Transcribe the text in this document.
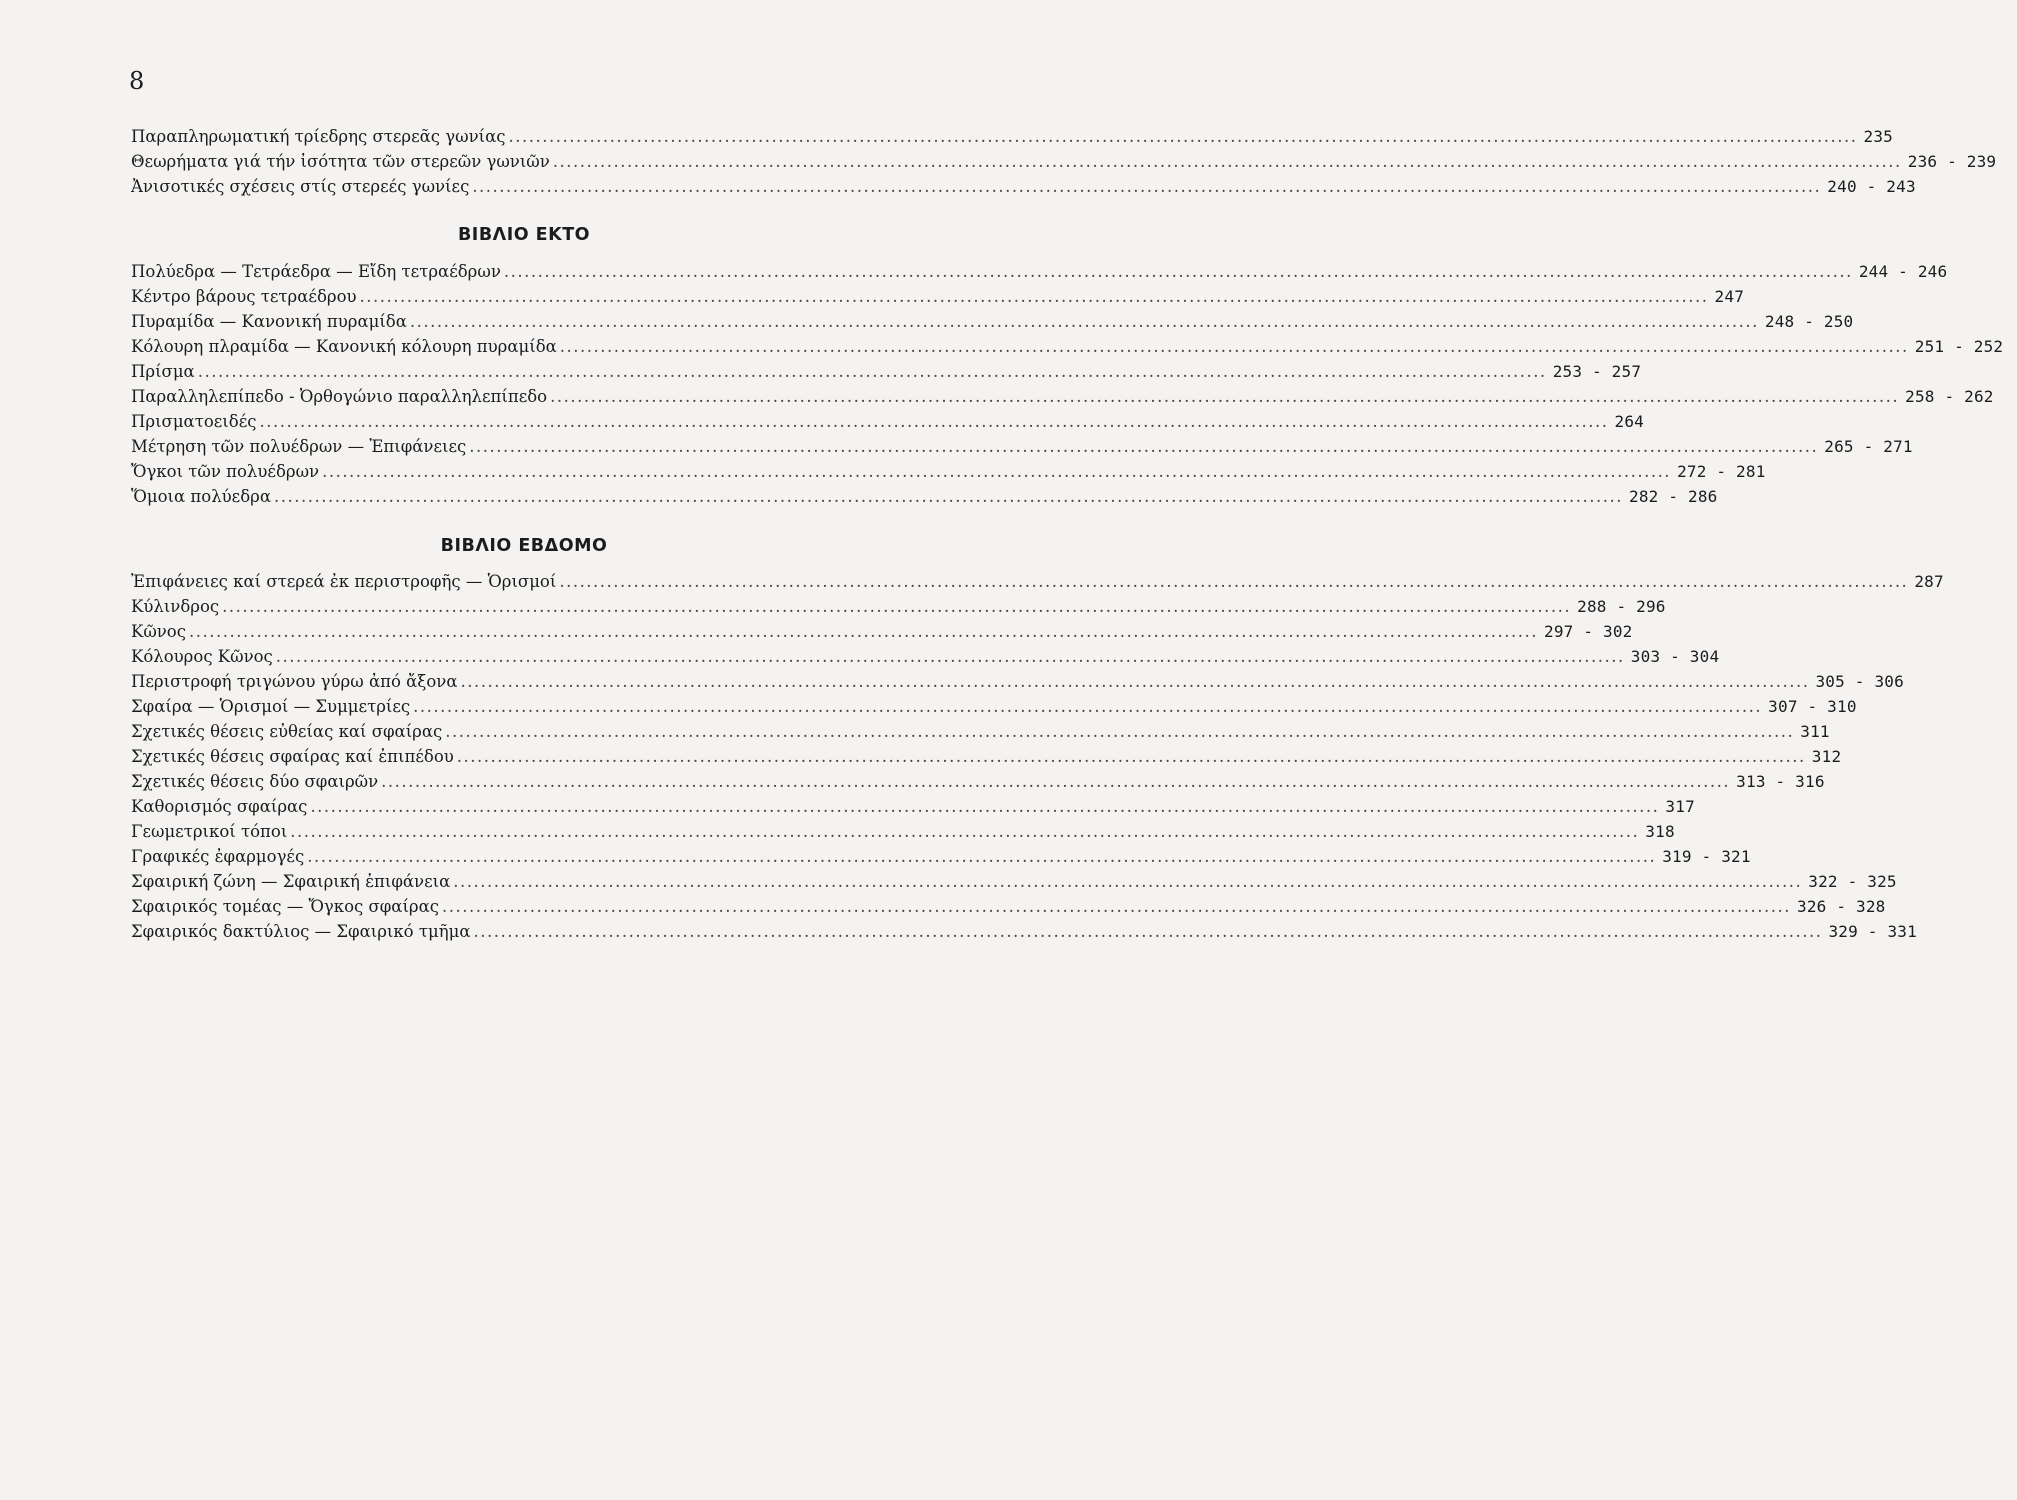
8
Παραπληρωματική τρίεδρης στερεᾶς γωνίας ........................................................................................................................................................................................................ 235
Θεωρήματα γιά τήν ἰσότητα τῶν στερεῶν γωνιῶν ........................................................................................................................................................................................................ 236 - 239
Ἀνισοτικές σχέσεις στίς στερεές γωνίες ........................................................................................................................................................................................................ 240 - 243
ΒΙΒΛΙΟ ΕΚΤΟ
Πολύεδρα — Τετράεδρα — Εἴδη τετραέδρων ........................................................................................................................................................................................................ 244 - 246
Κέντρο βάρους τετραέδρου ........................................................................................................................................................................................................ 247
Πυραμίδα — Κανονική πυραμίδα ........................................................................................................................................................................................................ 248 - 250
Κόλουρη πλραμίδα — Κανονική κόλουρη πυραμίδα ........................................................................................................................................................................................................ 251 - 252
Πρίσμα ........................................................................................................................................................................................................ 253 - 257
Παραλληλεπίπεδο - Ὀρθογώνιο παραλληλεπίπεδο ........................................................................................................................................................................................................ 258 - 262
Πρισματοειδές ........................................................................................................................................................................................................ 264
Μέτρηση τῶν πολυέδρων — Ἐπιφάνειες ........................................................................................................................................................................................................ 265 - 271
Ὄγκοι τῶν πολυέδρων ........................................................................................................................................................................................................ 272 - 281
Ὅμοια πολύεδρα ........................................................................................................................................................................................................ 282 - 286
ΒΙΒΛΙΟ ΕΒΔΟΜΟ
Ἐπιφάνειες καί στερεά ἐκ περιστροφῆς — Ὁρισμοί ........................................................................................................................................................................................................ 287
Κύλινδρος ........................................................................................................................................................................................................ 288 - 296
Κῶνος ........................................................................................................................................................................................................ 297 - 302
Κόλουρος Κῶνος ........................................................................................................................................................................................................ 303 - 304
Περιστροφή τριγώνου γύρω ἀπό ἄξονα ........................................................................................................................................................................................................ 305 - 306
Σφαίρα — Ὁρισμοί — Συμμετρίες ........................................................................................................................................................................................................ 307 - 310
Σχετικές θέσεις εὐθείας καί σφαίρας ........................................................................................................................................................................................................ 311
Σχετικές θέσεις σφαίρας καί ἐπιπέδου ........................................................................................................................................................................................................ 312
Σχετικές θέσεις δύο σφαιρῶν ........................................................................................................................................................................................................ 313 - 316
Καθορισμός σφαίρας ........................................................................................................................................................................................................ 317
Γεωμετρικοί τόποι ........................................................................................................................................................................................................ 318
Γραφικές ἐφαρμογές ........................................................................................................................................................................................................ 319 - 321
Σφαιρική ζώνη — Σφαιρική ἐπιφάνεια ........................................................................................................................................................................................................ 322 - 325
Σφαιρικός τομέας — Ὄγκος σφαίρας ........................................................................................................................................................................................................ 326 - 328
Σφαιρικός δακτύλιος — Σφαιρικό τμῆμα ........................................................................................................................................................................................................ 329 - 331
